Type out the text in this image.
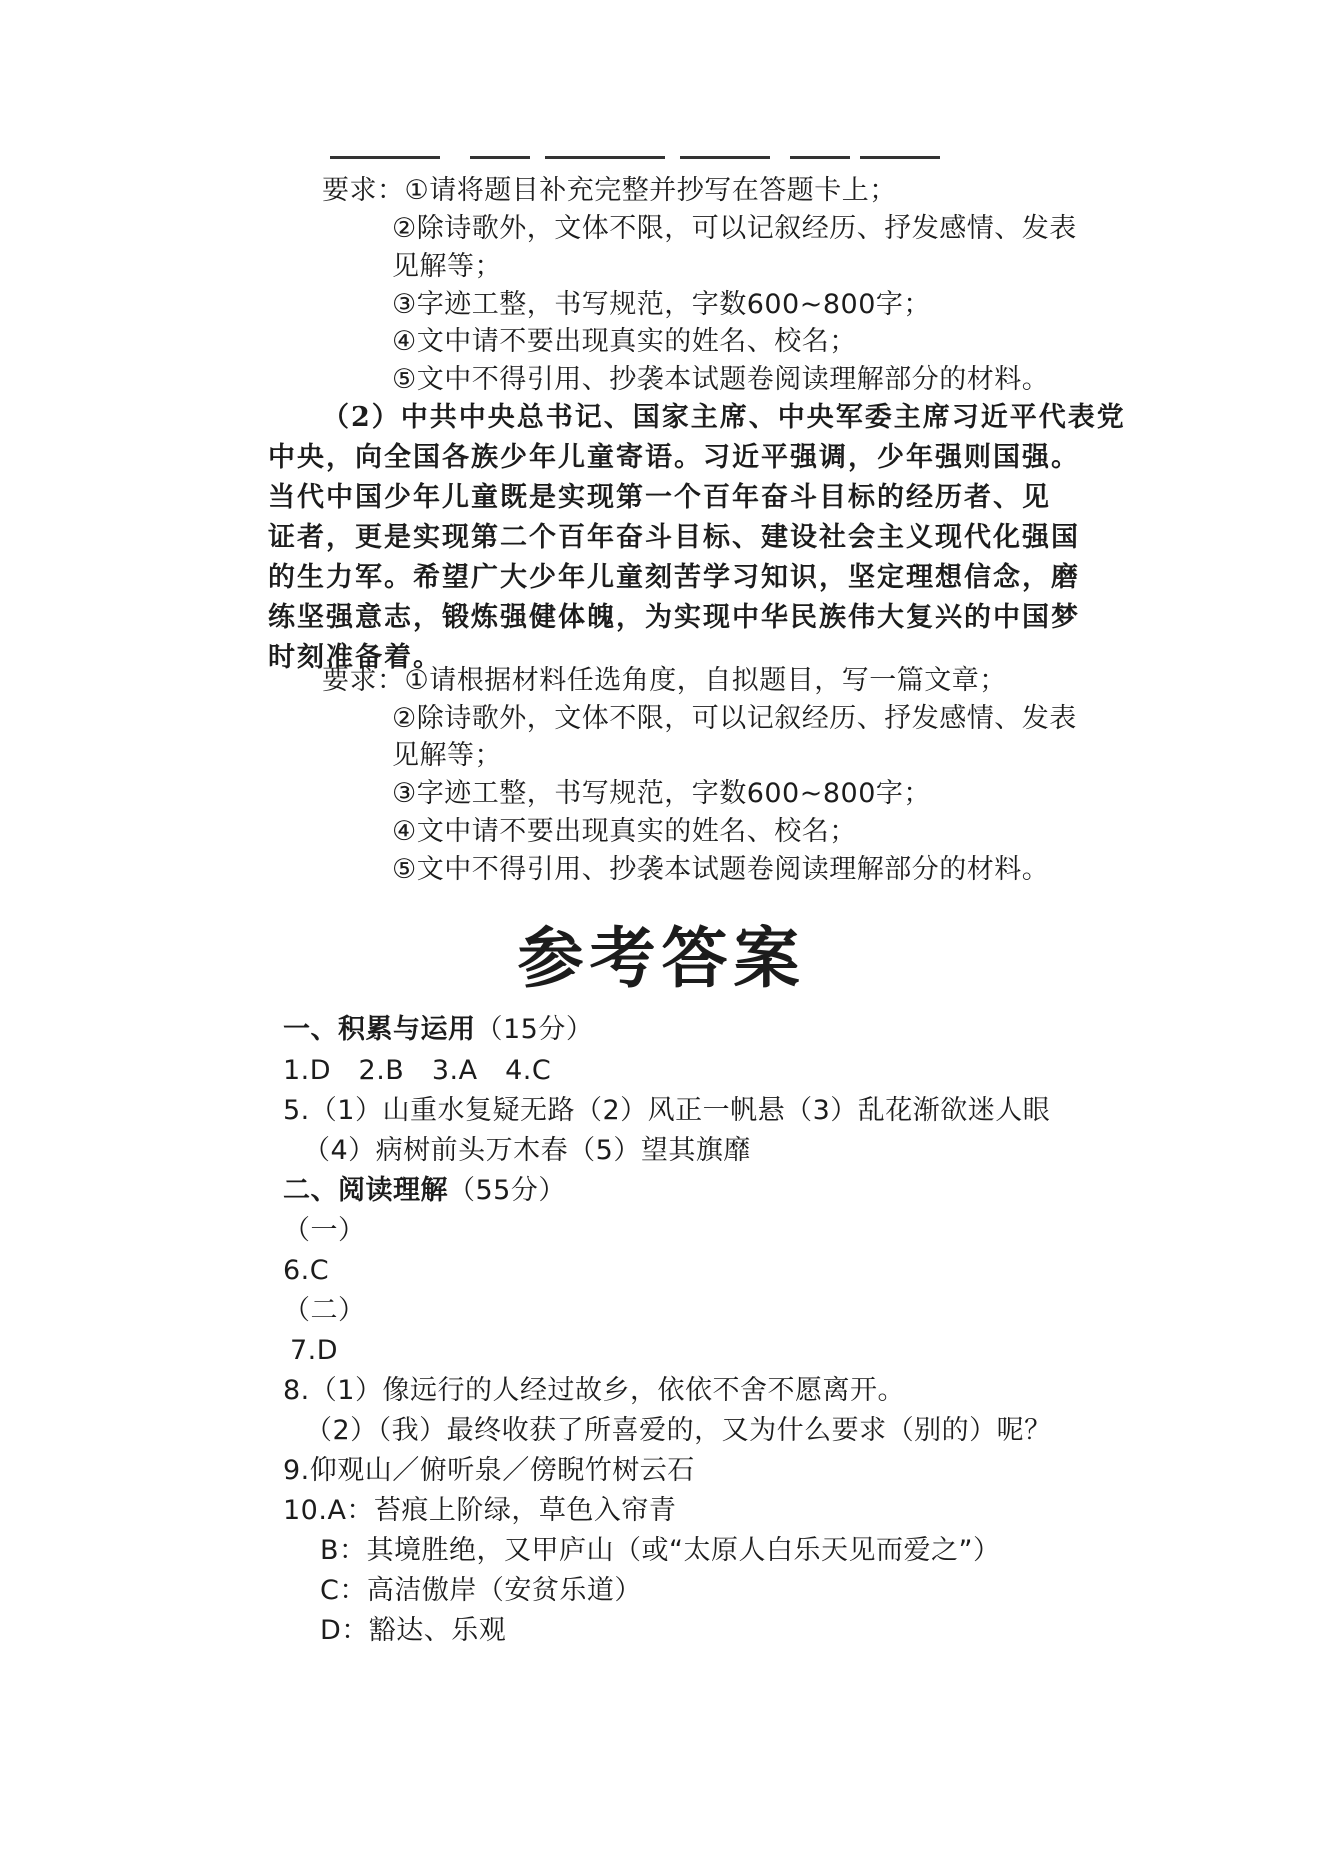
要求：①请将题目补充完整并抄写在答题卡上；
②除诗歌外，文体不限，可以记叙经历、抒发感情、发表
见解等；
③字迹工整，书写规范，字数600~800字；
④文中请不要出现真实的姓名、校名；
⑤文中不得引用、抄袭本试题卷阅读理解部分的材料。
（2）中共中央总书记、国家主席、中央军委主席习近平代表党
中央，向全国各族少年儿童寄语。习近平强调，少年强则国强。
当代中国少年儿童既是实现第一个百年奋斗目标的经历者、见
证者，更是实现第二个百年奋斗目标、建设社会主义现代化强国
的生力军。希望广大少年儿童刻苦学习知识，坚定理想信念，磨
练坚强意志，锻炼强健体魄，为实现中华民族伟大复兴的中国梦
时刻准备着。
要求：①请根据材料任选角度，自拟题目，写一篇文章；
②除诗歌外，文体不限，可以记叙经历、抒发感情、发表
见解等；
③字迹工整，书写规范，字数600~800字；
④文中请不要出现真实的姓名、校名；
⑤文中不得引用、抄袭本试题卷阅读理解部分的材料。
参考答案
一、积累与运用（15分）
1.D　2.B　3.A　4.C
5.（1）山重水复疑无路（2）风正一帆悬（3）乱花渐欲迷人眼
（4）病树前头万木春（5）望其旗靡
二、阅读理解（55分）
（一）
6.C
（二）
7.D
8.（1）像远行的人经过故乡，依依不舍不愿离开。
（2）（我）最终收获了所喜爱的，又为什么要求（别的）呢？
9.仰观山／俯听泉／傍睨竹树云石
10.A：苔痕上阶绿，草色入帘青
B：其境胜绝，又甲庐山（或“太原人白乐天见而爱之”）
C：高洁傲岸（安贫乐道）
D：豁达、乐观
